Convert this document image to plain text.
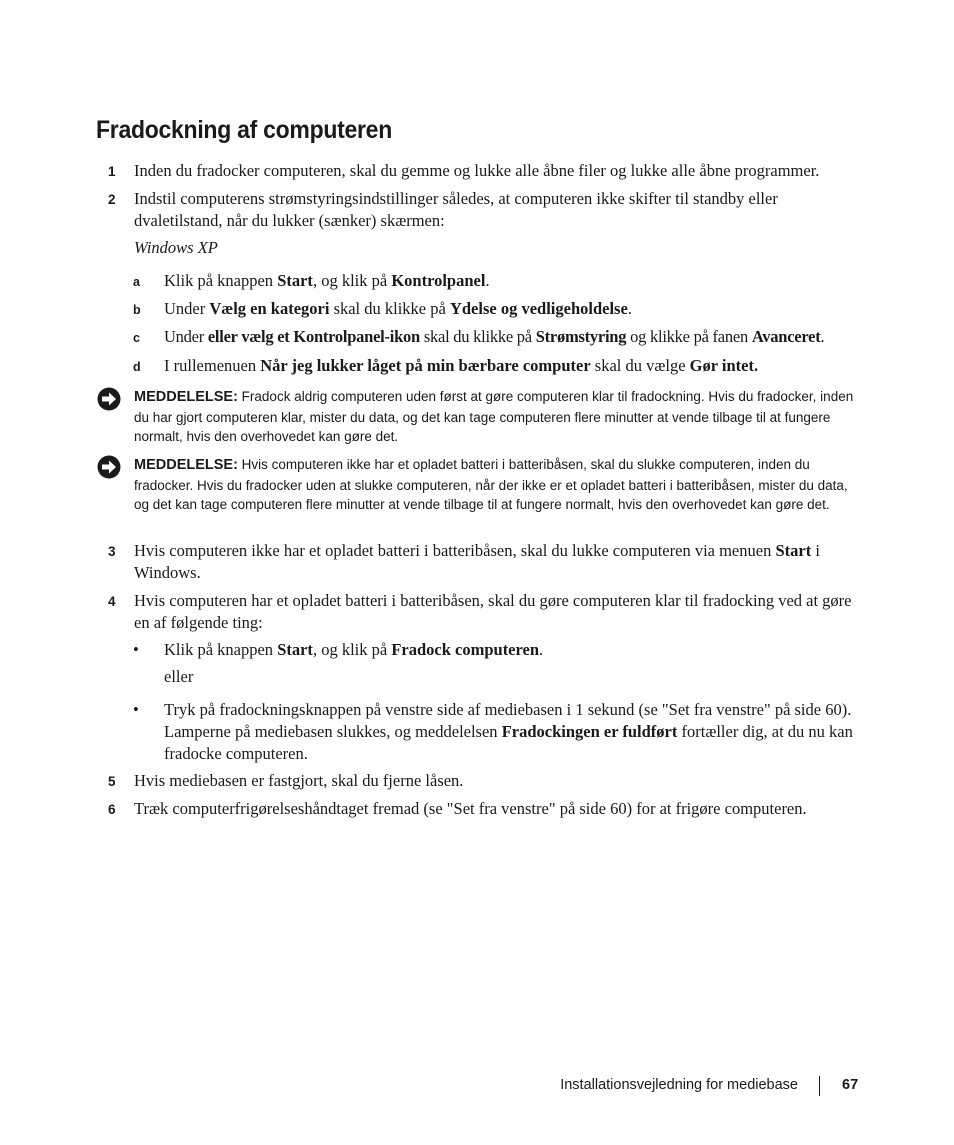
Fradockning af computeren
1 Inden du fradocker computeren, skal du gemme og lukke alle åbne filer og lukke alle åbne programmer.
2 Indstil computerens strømstyringsindstillinger således, at computeren ikke skifter til standby eller dvaletilstand, når du lukker (sænker) skærmen:
Windows XP
a Klik på knappen Start, og klik på Kontrolpanel.
b Under Vælg en kategori skal du klikke på Ydelse og vedligeholdelse.
c Under eller vælg et Kontrolpanel-ikon skal du klikke på Strømstyring og klikke på fanen Avanceret.
d I rullemenuen Når jeg lukker låget på min bærbare computer skal du vælge Gør intet.
MEDDELELSE: Fradock aldrig computeren uden først at gøre computeren klar til fradockning. Hvis du fradocker, inden du har gjort computeren klar, mister du data, og det kan tage computeren flere minutter at vende tilbage til at fungere normalt, hvis den overhovedet kan gøre det.
MEDDELELSE: Hvis computeren ikke har et opladet batteri i batteribåsen, skal du slukke computeren, inden du fradocker. Hvis du fradocker uden at slukke computeren, når der ikke er et opladet batteri i batteribåsen, mister du data, og det kan tage computeren flere minutter at vende tilbage til at fungere normalt, hvis den overhovedet kan gøre det.
3 Hvis computeren ikke har et opladet batteri i batteribåsen, skal du lukke computeren via menuen Start i Windows.
4 Hvis computeren har et opladet batteri i batteribåsen, skal du gøre computeren klar til fradocking ved at gøre en af følgende ting:
• Klik på knappen Start, og klik på Fradock computeren.
eller
• Tryk på fradockningsknappen på venstre side af mediebasen i 1 sekund (se "Set fra venstre" på side 60). Lamperne på mediebasen slukkes, og meddelelsen Fradockingen er fuldført fortæller dig, at du nu kan fradocke computeren.
5 Hvis mediebasen er fastgjort, skal du fjerne låsen.
6 Træk computerfrigørelseshåndtaget fremad (se "Set fra venstre" på side 60) for at frigøre computeren.
Installationsvejledning for mediebase	67
